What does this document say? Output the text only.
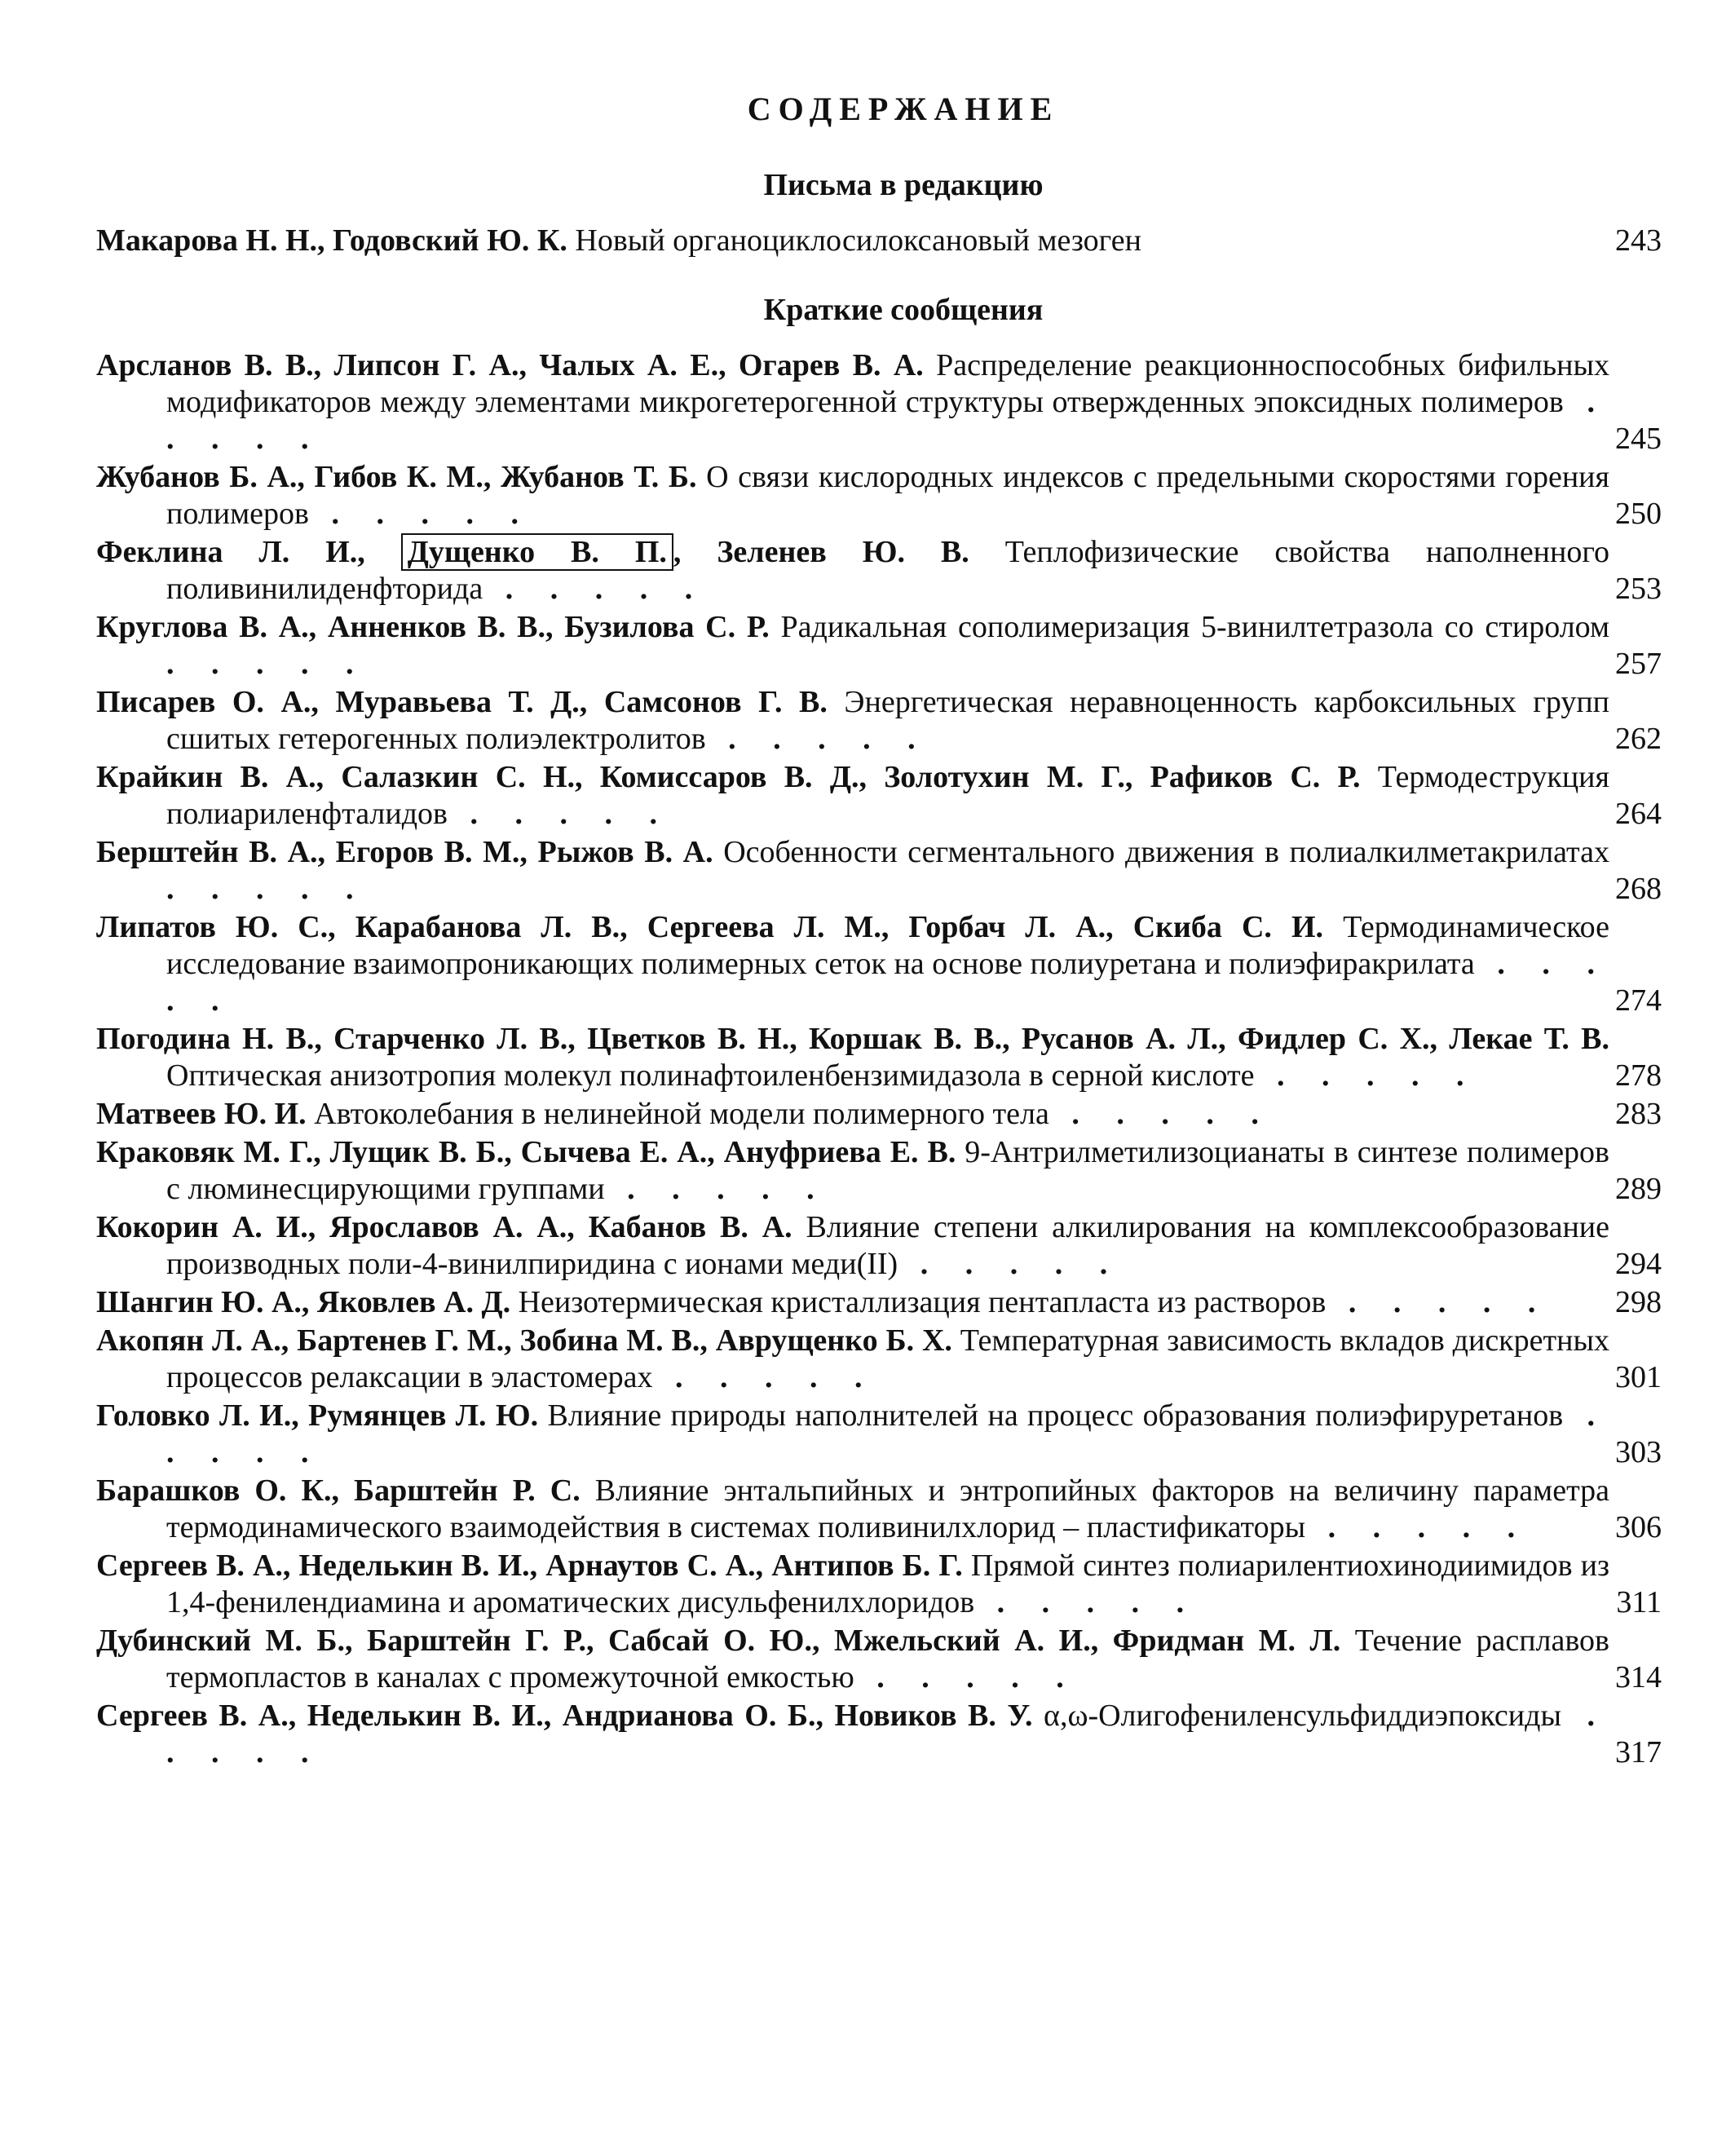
СОДЕРЖАНИЕ
Письма в редакцию
Макарова Н. Н., Годовский Ю. К. Новый органоциклосилоксановый мезоген	243
Краткие сообщения
Арсланов В. В., Липсон Г. А., Чалых А. Е., Огарев В. А. Распределение реакционноспособных бифильных модификаторов между элементами микрогетерогенной структуры отвержденных эпоксидных полимеров . . . . .	245
Жубанов Б. А., Гибов К. М., Жубанов Т. Б. О связи кислородных индексов с предельными скоростями горения полимеров . . . . .	250
Феклина Л. И., Дущенко В. П. , Зеленев Ю. В. Теплофизические свойства наполненного поливинилиденфторида . . . . .	253
Круглова В. А., Анненков В. В., Бузилова С. Р. Радикальная сополимеризация 5-винилтетразола со стиролом . . . . .	257
Писарев О. А., Муравьева Т. Д., Самсонов Г. В. Энергетическая неравноценность карбоксильных групп сшитых гетерогенных полиэлектролитов . . . . .	262
Крайкин В. А., Салазкин С. Н., Комиссаров В. Д., Золотухин М. Г., Рафиков С. Р. Термодеструкция полиариленфталидов . . . . .	264
Берштейн В. А., Егоров В. М., Рыжов В. А. Особенности сегментального движения в полиалкилметакрилатах . . . . .	268
Липатов Ю. С., Карабанова Л. В., Сергеева Л. М., Горбач Л. А., Скиба С. И. Термодинамическое исследование взаимопроникающих полимерных сеток на основе полиуретана и полиэфиракрилата . . . . .	274
Погодина Н. В., Старченко Л. В., Цветков В. Н., Коршак В. В., Русанов А. Л., Фидлер С. Х., Лекае Т. В. Оптическая анизотропия молекул полинафтоиленбензимидазола в серной кислоте . . . . .	278
Матвеев Ю. И. Автоколебания в нелинейной модели полимерного тела . . . . .	283
Краковяк М. Г., Лущик В. Б., Сычева Е. А., Ануфриева Е. В. 9-Антрилметилизоцианаты в синтезе полимеров с люминесцирующими группами . . . . .	289
Кокорин А. И., Ярославов А. А., Кабанов В. А. Влияние степени алкилирования на комплексообразование производных поли-4-винилпиридина с ионами меди(II) . . . . .	294
Шангин Ю. А., Яковлев А. Д. Неизотермическая кристаллизация пентапласта из растворов . . . . .	298
Акопян Л. А., Бартенев Г. М., Зобина М. В., Аврущенко Б. Х. Температурная зависимость вкладов дискретных процессов релаксации в эластомерах . . . . .	301
Головко Л. И., Румянцев Л. Ю. Влияние природы наполнителей на процесс образования полиэфируретанов . . . . .	303
Барашков О. К., Барштейн Р. С. Влияние энтальпийных и энтропийных факторов на величину параметра термодинамического взаимодействия в системах поливинилхлорид – пластификаторы . . . . .	306
Сергеев В. А., Неделькин В. И., Арнаутов С. А., Антипов Б. Г. Прямой синтез полиарилентиохинодиимидов из 1,4-фенилендиамина и ароматических дисульфенилхлоридов . . . . .	311
Дубинский М. Б., Барштейн Г. Р., Сабсай О. Ю., Мжельский А. И., Фридман М. Л. Течение расплавов термопластов в каналах с промежуточной емкостью . . . . .	314
Сергеев В. А., Неделькин В. И., Андрианова О. Б., Новиков В. У. α,ω-Олигофениленсульфиддиэпоксиды . . . . .	317
